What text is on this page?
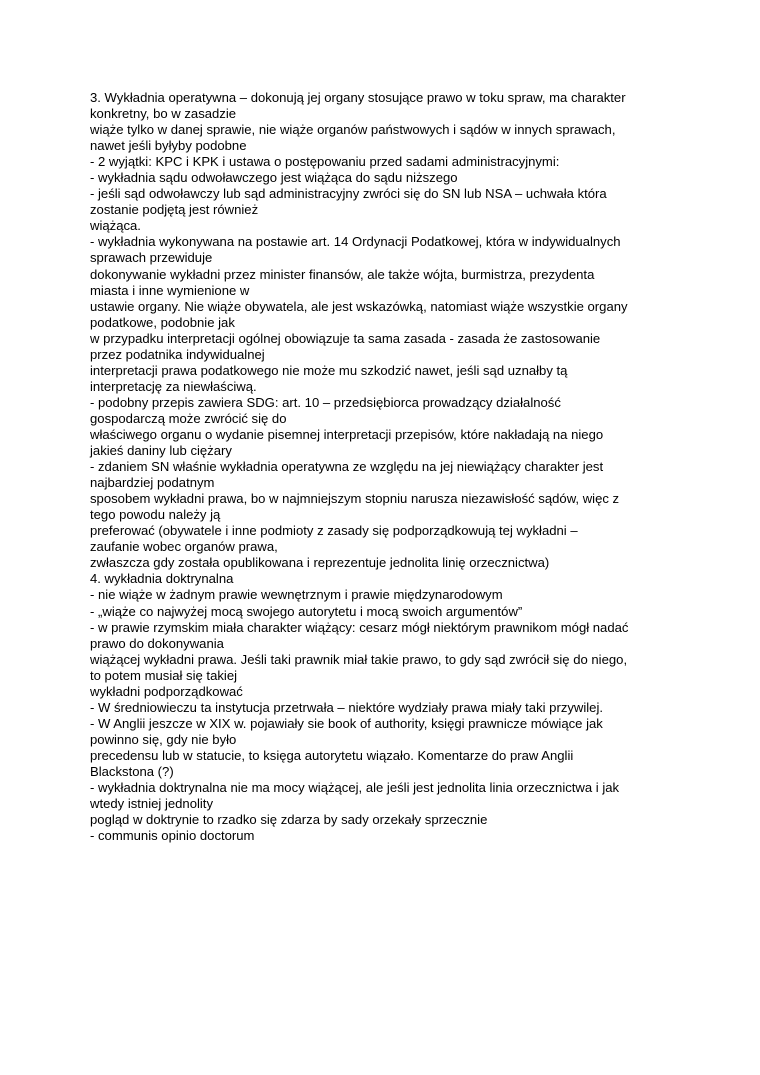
3. Wykładnia operatywna – dokonują jej organy stosujące prawo w toku spraw, ma charakter

konkretny, bo w zasadzie

wiąże tylko w danej sprawie, nie wiąże organów państwowych i sądów w innych sprawach,

nawet jeśli byłyby podobne

- 2 wyjątki: KPC i KPK i ustawa o postępowaniu przed sadami administracyjnymi:

- wykładnia sądu odwoławczego jest wiążąca do sądu niższego

- jeśli sąd odwoławczy lub sąd administracyjny zwróci się do SN lub NSA – uchwała która

zostanie podjętą jest również

wiążąca.

- wykładnia wykonywana na postawie art. 14 Ordynacji Podatkowej, która w indywidualnych

sprawach przewiduje

dokonywanie wykładni przez minister finansów, ale także wójta, burmistrza, prezydenta

miasta i inne wymienione w

ustawie organy. Nie wiąże obywatela, ale jest wskazówką, natomiast wiąże wszystkie organy

podatkowe, podobnie jak

w przypadku interpretacji ogólnej obowiązuje ta sama zasada - zasada że zastosowanie

przez podatnika indywidualnej

interpretacji prawa podatkowego nie może mu szkodzić nawet, jeśli sąd uznałby tą

interpretację za niewłaściwą.

- podobny przepis zawiera SDG: art. 10 – przedsiębiorca prowadzący działalność

gospodarczą może zwrócić się do

właściwego organu o wydanie pisemnej interpretacji przepisów, które nakładają na niego

jakieś daniny lub ciężary

- zdaniem SN właśnie wykładnia operatywna ze względu na jej niewiążący charakter jest

najbardziej podatnym

sposobem wykładni prawa, bo w najmniejszym stopniu narusza niezawisłość sądów, więc z

tego powodu należy ją

preferować (obywatele i inne podmioty z zasady się podporządkowują tej wykładni –

zaufanie wobec organów prawa,

zwłaszcza gdy została opublikowana i reprezentuje jednolita linię orzecznictwa)

4. wykładnia doktrynalna

- nie wiąże w żadnym prawie wewnętrznym i prawie międzynarodowym

- „wiąże co najwyżej mocą swojego autorytetu i mocą swoich argumentów”

- w prawie rzymskim miała charakter wiążący: cesarz mógł niektórym prawnikom mógł nadać

prawo do dokonywania

wiążącej wykładni prawa. Jeśli taki prawnik miał takie prawo, to gdy sąd zwrócił się do niego,

to potem musiał się takiej

wykładni podporządkować

- W średniowieczu ta instytucja przetrwała – niektóre wydziały prawa miały taki przywilej.

- W Anglii jeszcze w XIX w. pojawiały sie book of authority, księgi prawnicze mówiące jak

powinno się, gdy nie było

precedensu lub w statucie, to księga autorytetu wiązało. Komentarze do praw Anglii

Blackstona (?)

- wykładnia doktrynalna nie ma mocy wiążącej, ale jeśli jest jednolita linia orzecznictwa i jak

wtedy istniej jednolity

pogląd w doktrynie to rzadko się zdarza by sady orzekały sprzecznie

- communis opinio doctorum
